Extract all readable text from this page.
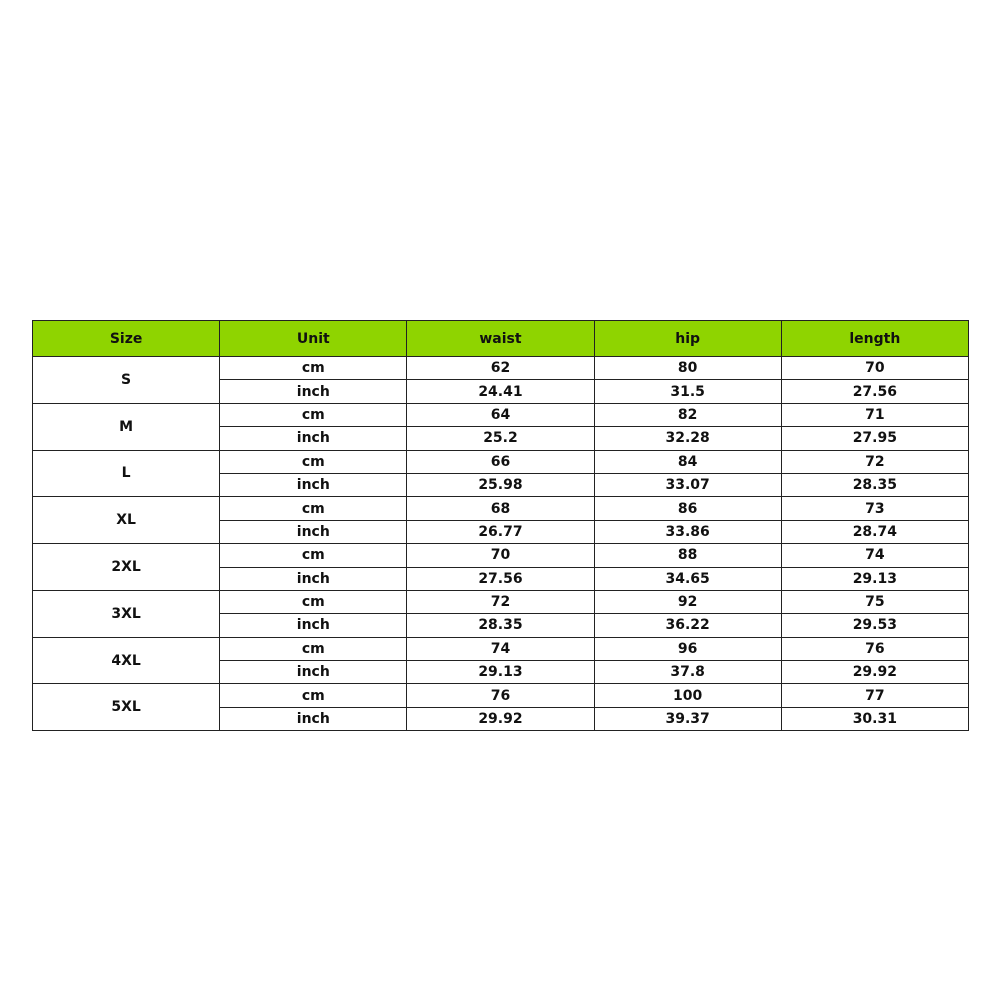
Size	Unit	waist	hip	length
S	cm	62	80	70
	inch	24.41	31.5	27.56
M	cm	64	82	71
	inch	25.2	32.28	27.95
L	cm	66	84	72
	inch	25.98	33.07	28.35
XL	cm	68	86	73
	inch	26.77	33.86	28.74
2XL	cm	70	88	74
	inch	27.56	34.65	29.13
3XL	cm	72	92	75
	inch	28.35	36.22	29.53
4XL	cm	74	96	76
	inch	29.13	37.8	29.92
5XL	cm	76	100	77
	inch	29.92	39.37	30.31
